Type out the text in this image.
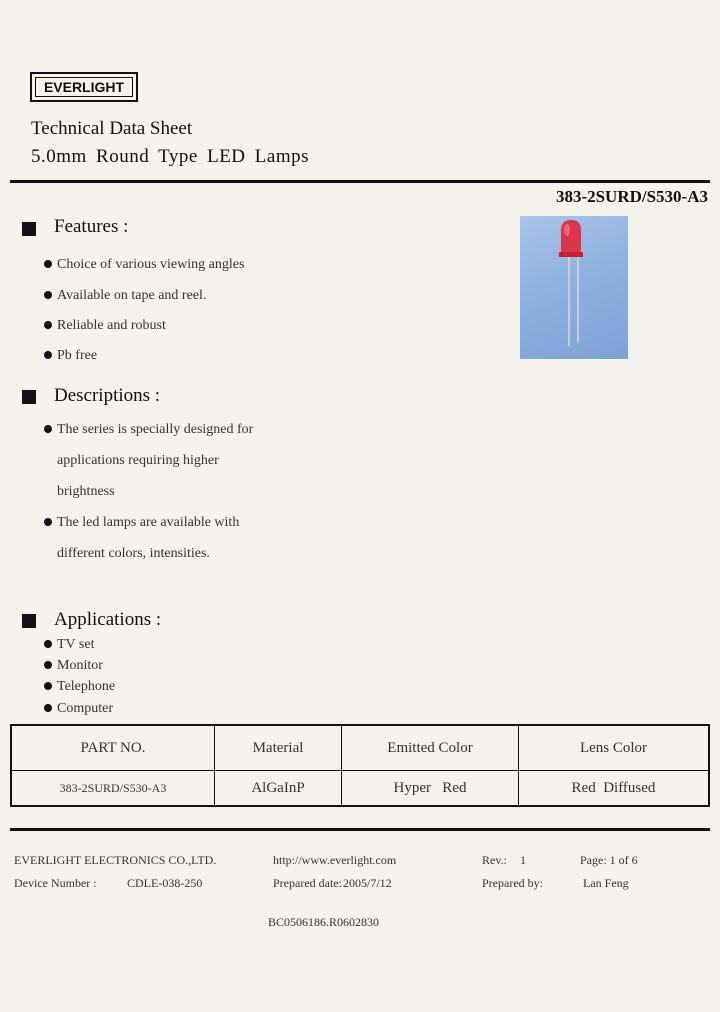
EVERLIGHT
Technical Data Sheet
5.0mm Round Type LED Lamps
383-2SURD/S530-A3
Features :
Choice of various viewing angles
Available on tape and reel.
Reliable and robust
Pb free
Descriptions :
The series is specially designed for
applications requiring higher
brightness
The led lamps are available with
different colors, intensities.
Applications :
TV set
Monitor
Telephone
Computer
PART NO.	Material	Emitted Color	Lens Color
383-2SURD/S530-A3	AlGaInP	Hyper   Red	Red  Diffused
EVERLIGHT ELECTRONICS CO.,LTD.	http://www.everlight.com	Rev.: 1	Page: 1 of 6
Device Number :	CDLE-038-250	Prepared date: 2005/7/12	Prepared by:	Lan Feng
BC0506186.R0602830
